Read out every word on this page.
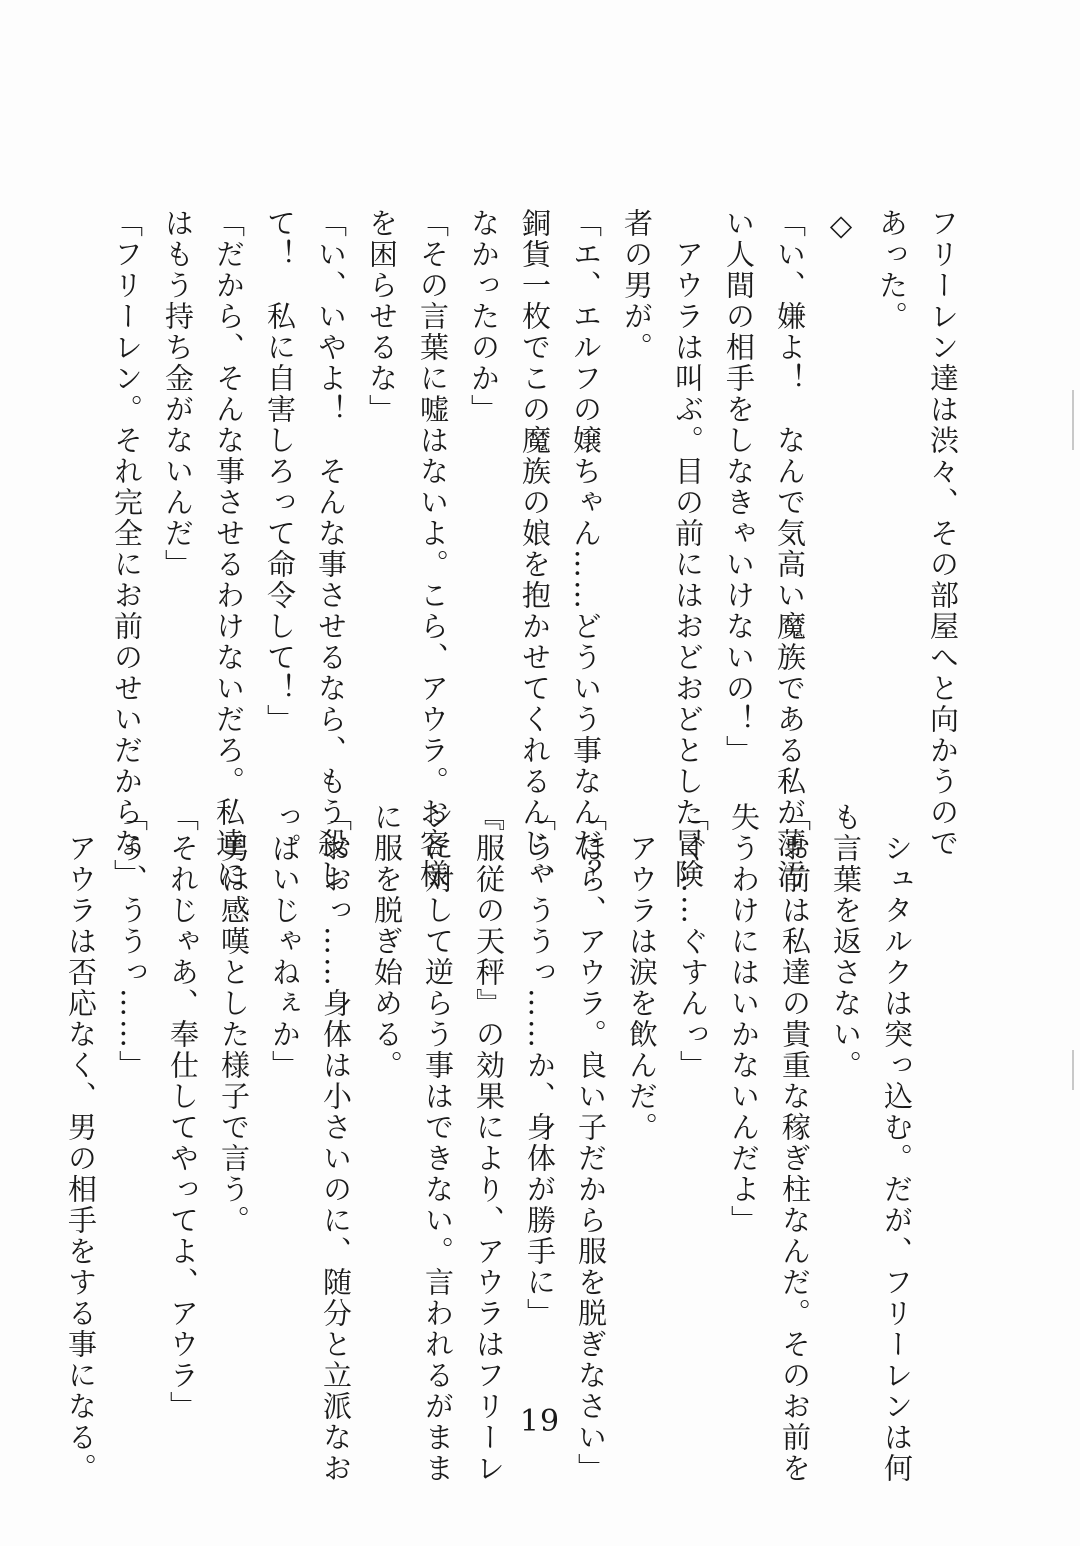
フリーレン達は渋々、その部屋へと向かうので
あった。
◇
「い、嫌よ！　なんで気高い魔族である私が薄汚
い人間の相手をしなきゃいけないの！」
　アウラは叫ぶ。目の前にはおどおどとした冒険
者の男が。
「エ、エルフの嬢ちゃん……どういう事なんだ？
銅貨一枚でこの魔族の娘を抱かせてくれるんじゃ
なかったのか」
「その言葉に嘘はないよ。こら、アウラ。お客様
を困らせるな」
「い、いやよ！　そんな事させるなら、もう殺し
て！　私に自害しろって命令して！」
「だから、そんな事させるわけないだろ。私達に
はもう持ち金がないんだ」
「フリーレン。それ完全にお前のせいだからな」
　シュタルクは突っ込む。だが、フリーレンは何
も言葉を返さない。
「お前は私達の貴重な稼ぎ柱なんだ。そのお前を
失うわけにはいかないんだよ」
「ぐ……ぐすんっ」
　アウラは涙を飲んだ。
「ほら、アウラ。良い子だから服を脱ぎなさい」
「う、ううっ……か、身体が勝手に」
『服従の天秤』の効果により、アウラはフリーレ
ンに対して逆らう事はできない。言われるがまま
に服を脱ぎ始める。
「おおっ……身体は小さいのに、随分と立派なお
っぱいじゃねぇか」
　男は感嘆とした様子で言う。
「それじゃあ、奉仕してやってよ、アウラ」
「う、ううっ……」
　アウラは否応なく、男の相手をする事になる。	19
